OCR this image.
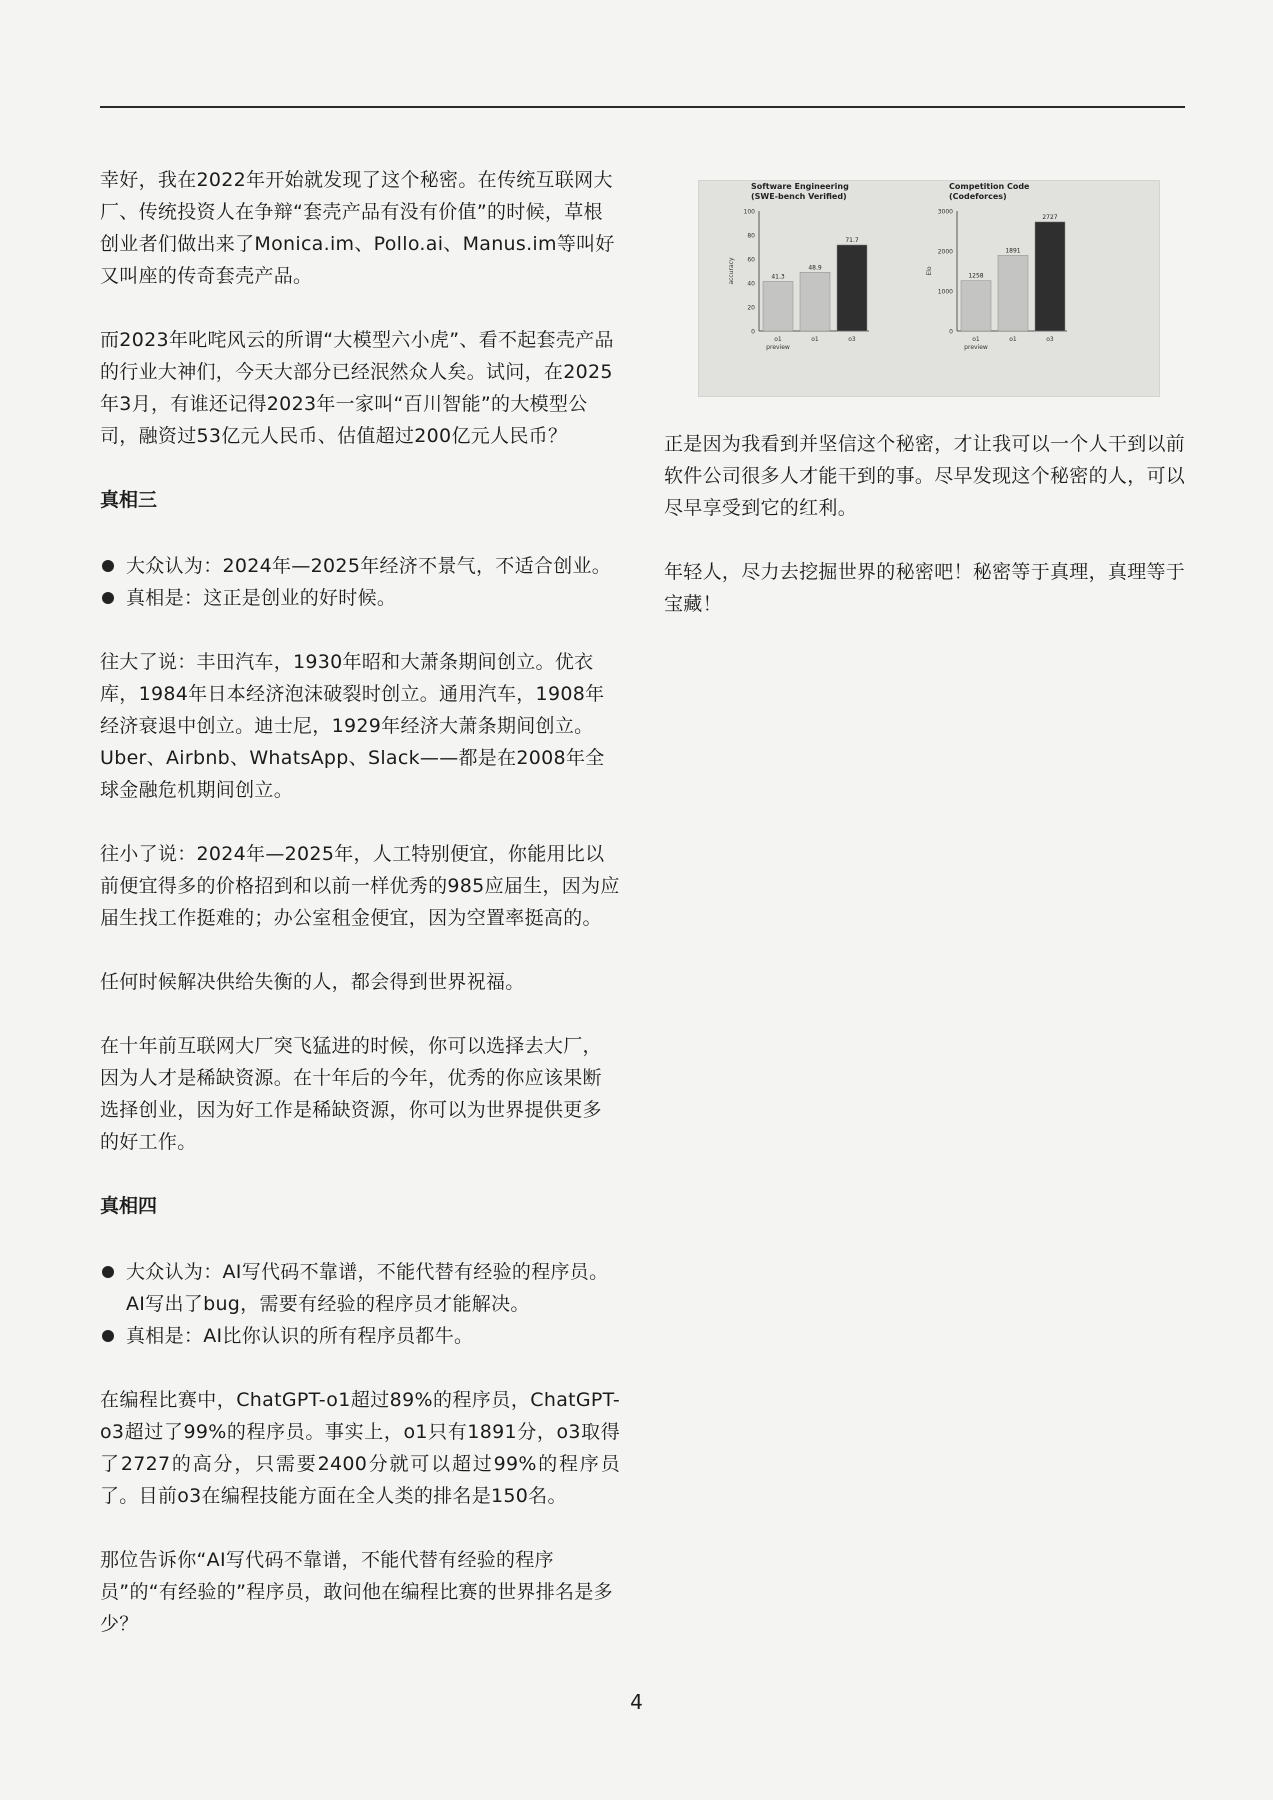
幸好，我在2022年开始就发现了这个秘密。在传统互联网大厂、传统投资人在争辩“套壳产品有没有价值”的时候，草根创业者们做出来了Monica.im、Pollo.ai、Manus.im等叫好又叫座的传奇套壳产品。

而2023年叱咤风云的所谓“大模型六小虎”、看不起套壳产品的行业大神们，今天大部分已经泯然众人矣。试问，在2025年3月，有谁还记得2023年一家叫“百川智能”的大模型公司，融资过53亿元人民币、估值超过200亿元人民币？

真相三
大众认为：2024年—2025年经济不景气，不适合创业。
真相是：这正是创业的好时候。

往大了说：丰田汽车，1930年昭和大萧条期间创立。优衣库，1984年日本经济泡沫破裂时创立。通用汽车，1908年经济衰退中创立。迪士尼，1929年经济大萧条期间创立。Uber、Airbnb、WhatsApp、Slack——都是在2008年全球金融危机期间创立。

往小了说：2024年—2025年，人工特别便宜，你能用比以前便宜得多的价格招到和以前一样优秀的985应届生，因为应届生找工作挺难的；办公室租金便宜，因为空置率挺高的。

任何时候解决供给失衡的人，都会得到世界祝福。

在十年前互联网大厂突飞猛进的时候，你可以选择去大厂，因为人才是稀缺资源。在十年后的今年，优秀的你应该果断选择创业，因为好工作是稀缺资源，你可以为世界提供更多的好工作。

真相四
大众认为：AI写代码不靠谱，不能代替有经验的程序员。AI写出了bug，需要有经验的程序员才能解决。
真相是：AI比你认识的所有程序员都牛。

在编程比赛中，ChatGPT-o1超过89%的程序员，ChatGPT-o3超过了99%的程序员。事实上，o1只有1891分，o3取得了2727的高分，只需要2400分就可以超过99%的程序员了。目前o3在编程技能方面在全人类的排名是150名。

那位告诉你“AI写代码不靠谱，不能代替有经验的程序员”的“有经验的”程序员，敢问他在编程比赛的世界排名是多少？

Software Engineering
(SWE-bench Verified)
0
20
40
60
80
100
accuracy	41.3
o1
preview
48.9
o1
71.7
o3
Competition Code
(Codeforces)
0
1000
2000
3000
Elo
1258
o1
preview
1891
o1
2727
o3

正是因为我看到并坚信这个秘密，才让我可以一个人干到以前软件公司很多人才能干到的事。尽早发现这个秘密的人，可以尽早享受到它的红利。

年轻人，尽力去挖掘世界的秘密吧！秘密等于真理，真理等于宝藏！

4
